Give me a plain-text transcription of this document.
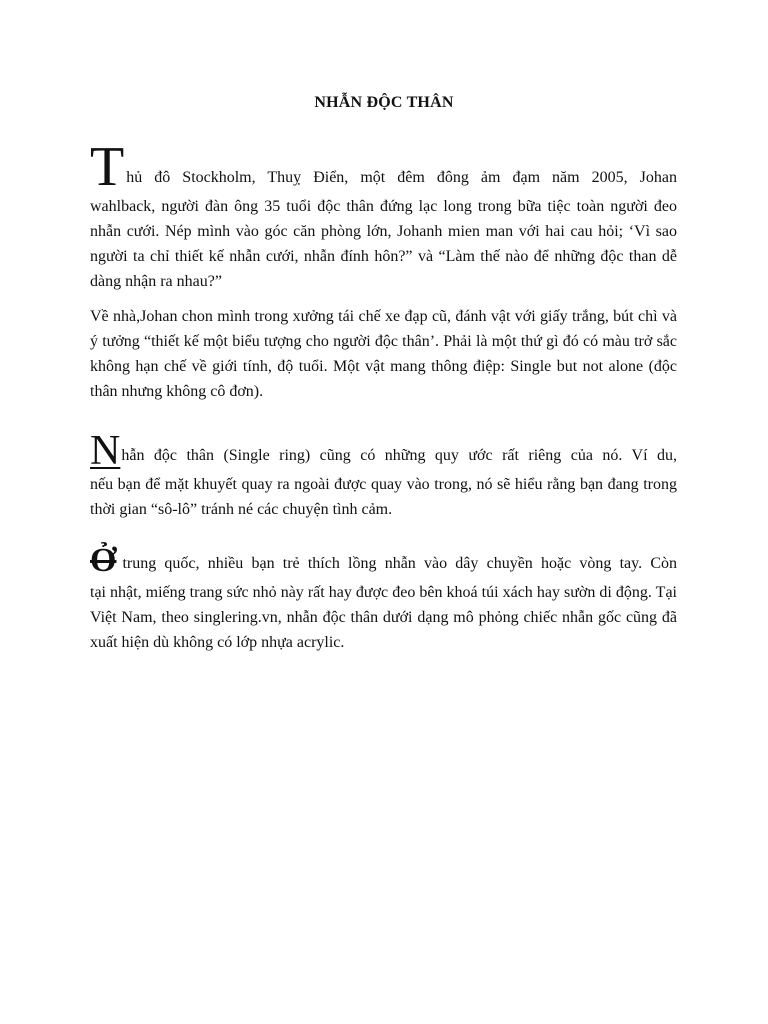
NHẪN ĐỘC THÂN
T hủ đô Stockholm, Thuỵ Điển, một đêm đông ảm đạm năm 2005, Johan
wahlback, người đàn ông 35 tuổi độc thân đứng lạc long trong bữa tiệc toàn người đeo nhẫn cưới. Nép mình vào góc căn phòng lớn, Johanh mien man với hai cau hỏi; ‘Vì sao người ta chỉ thiết kế nhẫn cưới, nhẫn đính hôn?” và “Làm thế nào để những độc than dễ dàng nhận ra nhau?”
Về nhà,Johan chon mình trong xưởng tái chế xe đạp cũ, đánh vật với giấy trắng, bút chì và ý tưởng “thiết kế một biểu tượng cho người độc thân’. Phải là một thứ gì đó có màu trở sắc không hạn chế về giới tính, độ tuổi. Một vật mang thông điệp: Single but not alone (độc thân nhưng không cô đơn).
N hẫn độc thân (Single ring) cũng có những quy ước rất riêng của nó. Ví du,
nếu bạn để mặt khuyết quay ra ngoài được quay vào trong, nó sẽ hiểu rằng bạn đang trong thời gian “sô-lô” tránh né các chuyện tình cảm.
Ở trung quốc, nhiều bạn trẻ thích lồng nhẫn vào dây chuyền hoặc vòng tay. Còn
tại nhật, miếng trang sức nhỏ này rất hay được đeo bên khoá túi xách hay sườn di động. Tại Việt Nam, theo singlering.vn, nhẫn độc thân dưới dạng mô phỏng chiếc nhẫn gốc cũng đã xuất hiện dù không có lớp nhựa acrylic.
